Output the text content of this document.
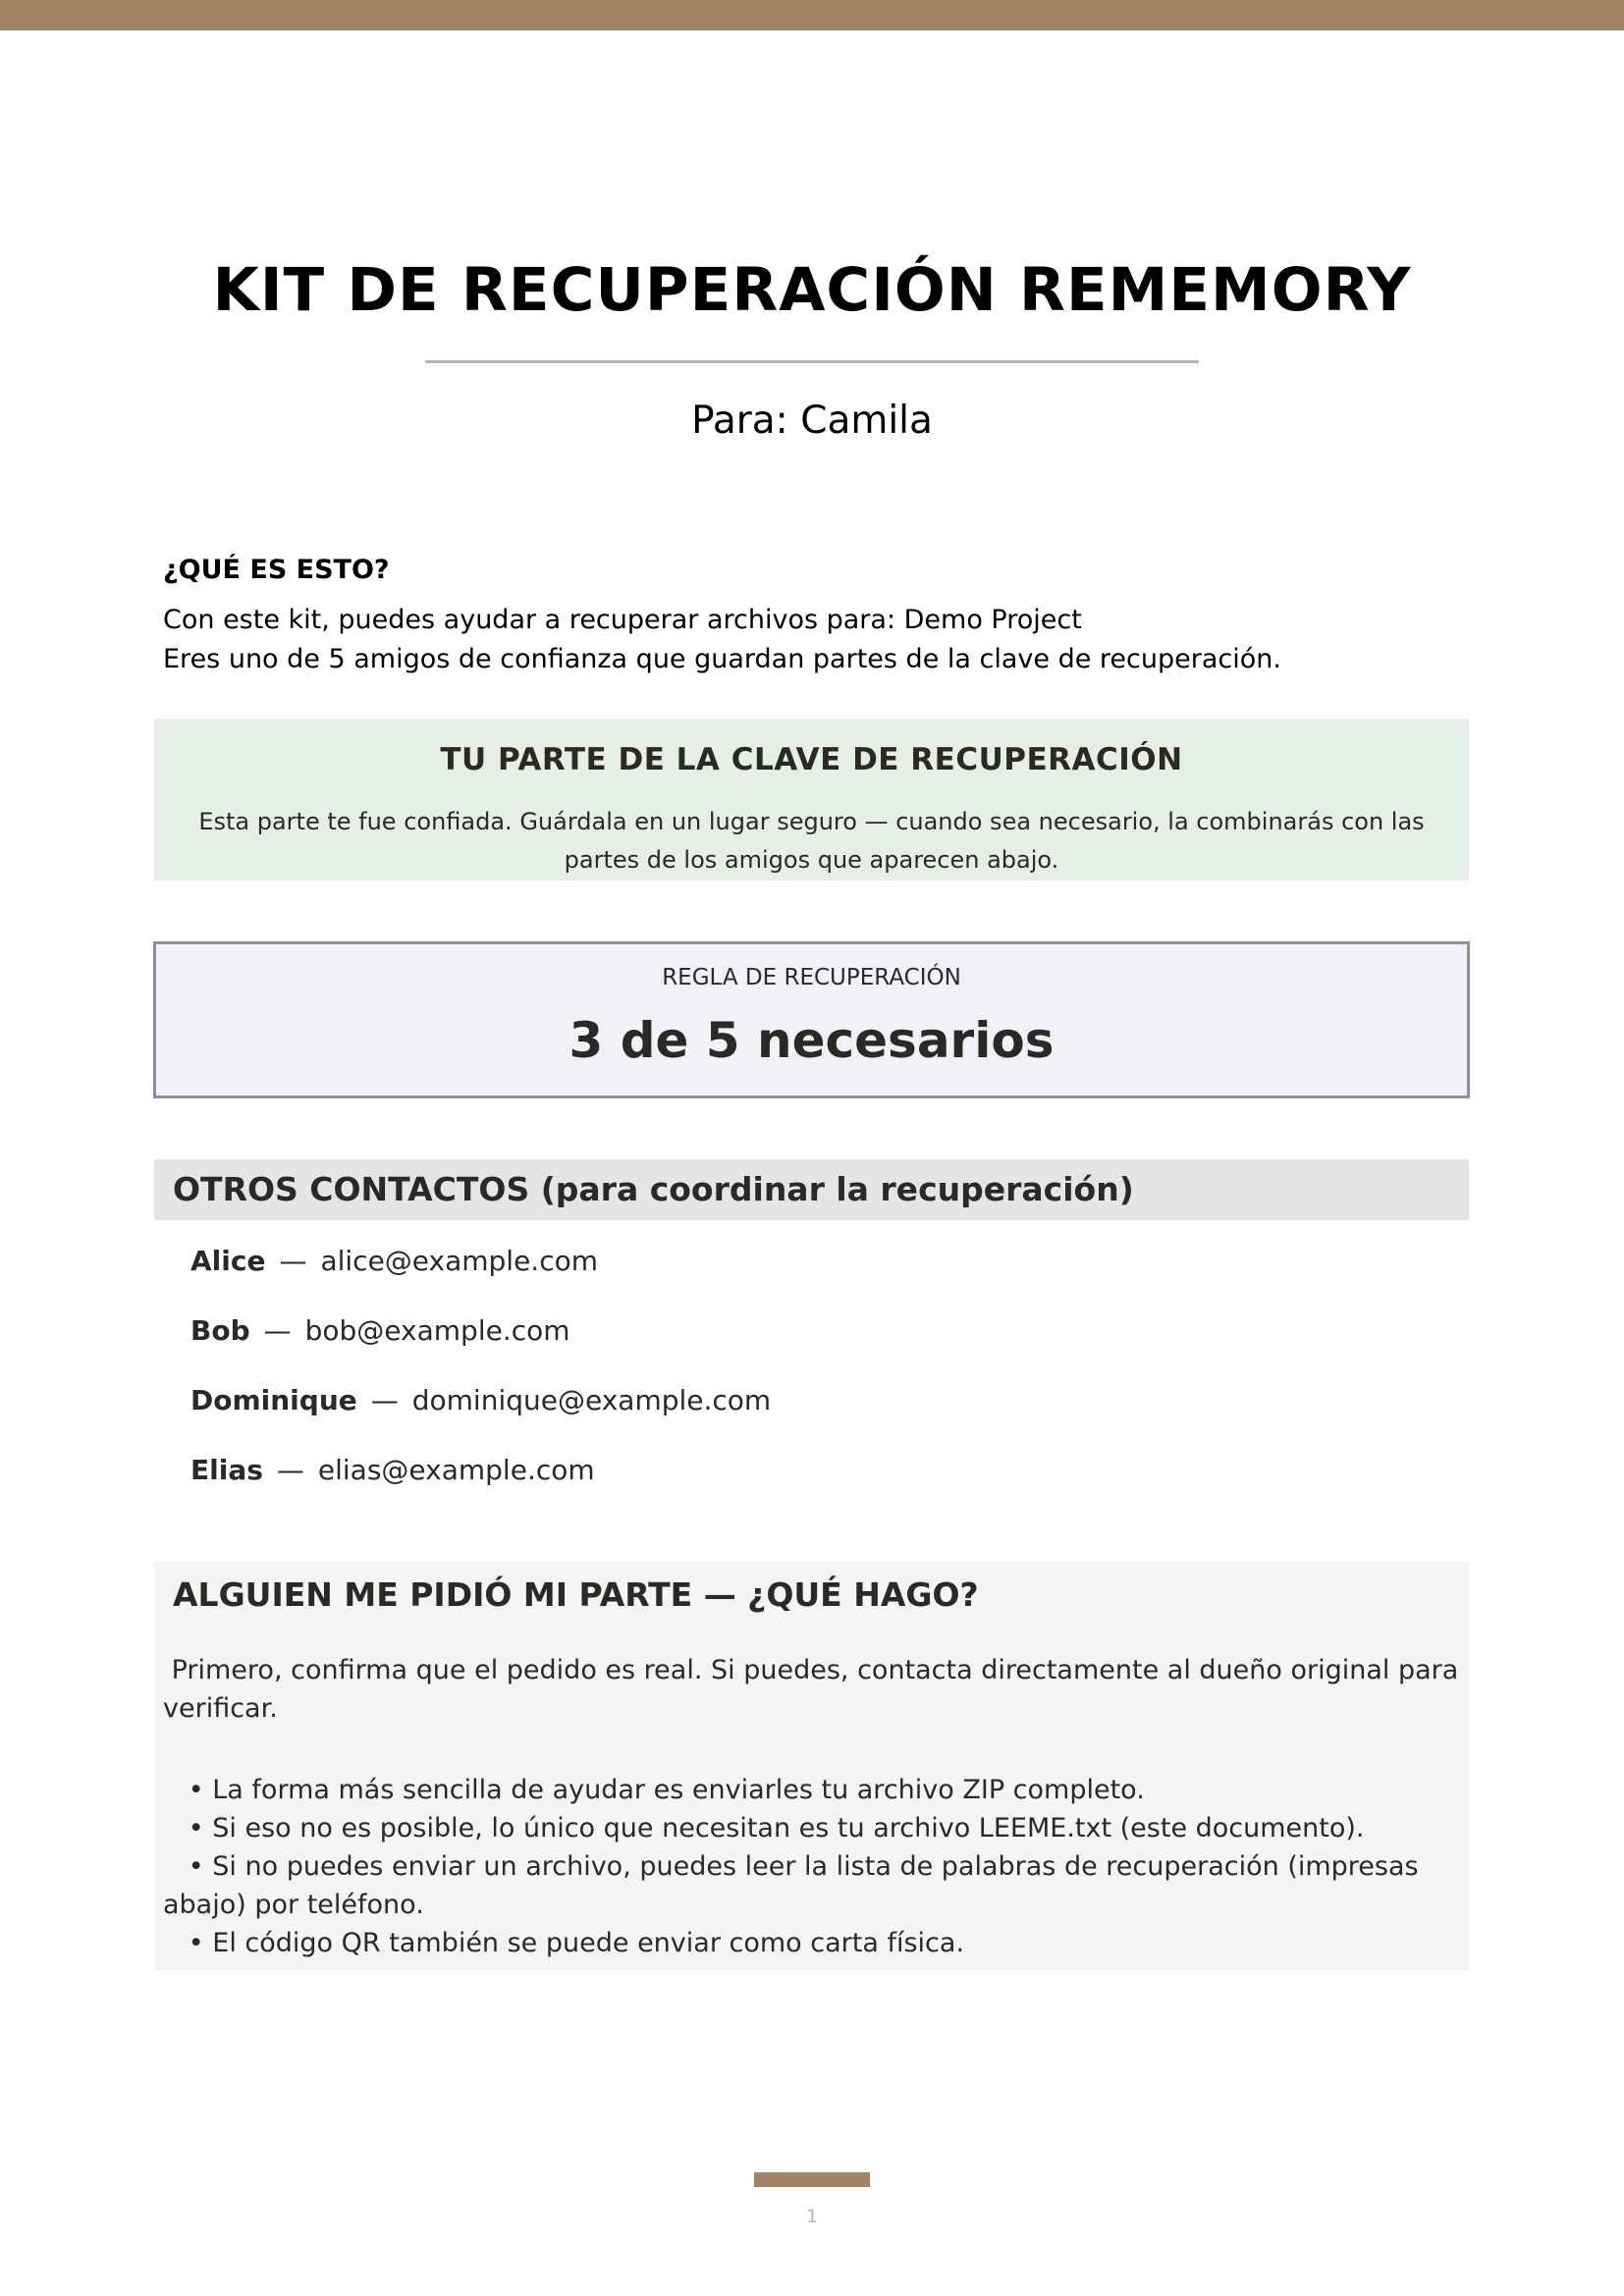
KIT DE RECUPERACIÓN REMEMORY
Para: Camila
¿QUÉ ES ESTO?
Con este kit, puedes ayudar a recuperar archivos para: Demo Project
Eres uno de 5 amigos de confianza que guardan partes de la clave de recuperación.
TU PARTE DE LA CLAVE DE RECUPERACIÓN
Esta parte te fue confiada. Guárdala en un lugar seguro — cuando sea necesario, la combinarás con las partes de los amigos que aparecen abajo.
REGLA DE RECUPERACIÓN
3 de 5 necesarios
OTROS CONTACTOS (para coordinar la recuperación)
Alice — alice@example.com
Bob — bob@example.com
Dominique — dominique@example.com
Elias — elias@example.com
ALGUIEN ME PIDIÓ MI PARTE — ¿QUÉ HAGO?
Primero, confirma que el pedido es real. Si puedes, contacta directamente al dueño original para verificar.
• La forma más sencilla de ayudar es enviarles tu archivo ZIP completo.
• Si eso no es posible, lo único que necesitan es tu archivo LEEME.txt (este documento).
• Si no puedes enviar un archivo, puedes leer la lista de palabras de recuperación (impresas abajo) por teléfono.
• El código QR también se puede enviar como carta física.
1
